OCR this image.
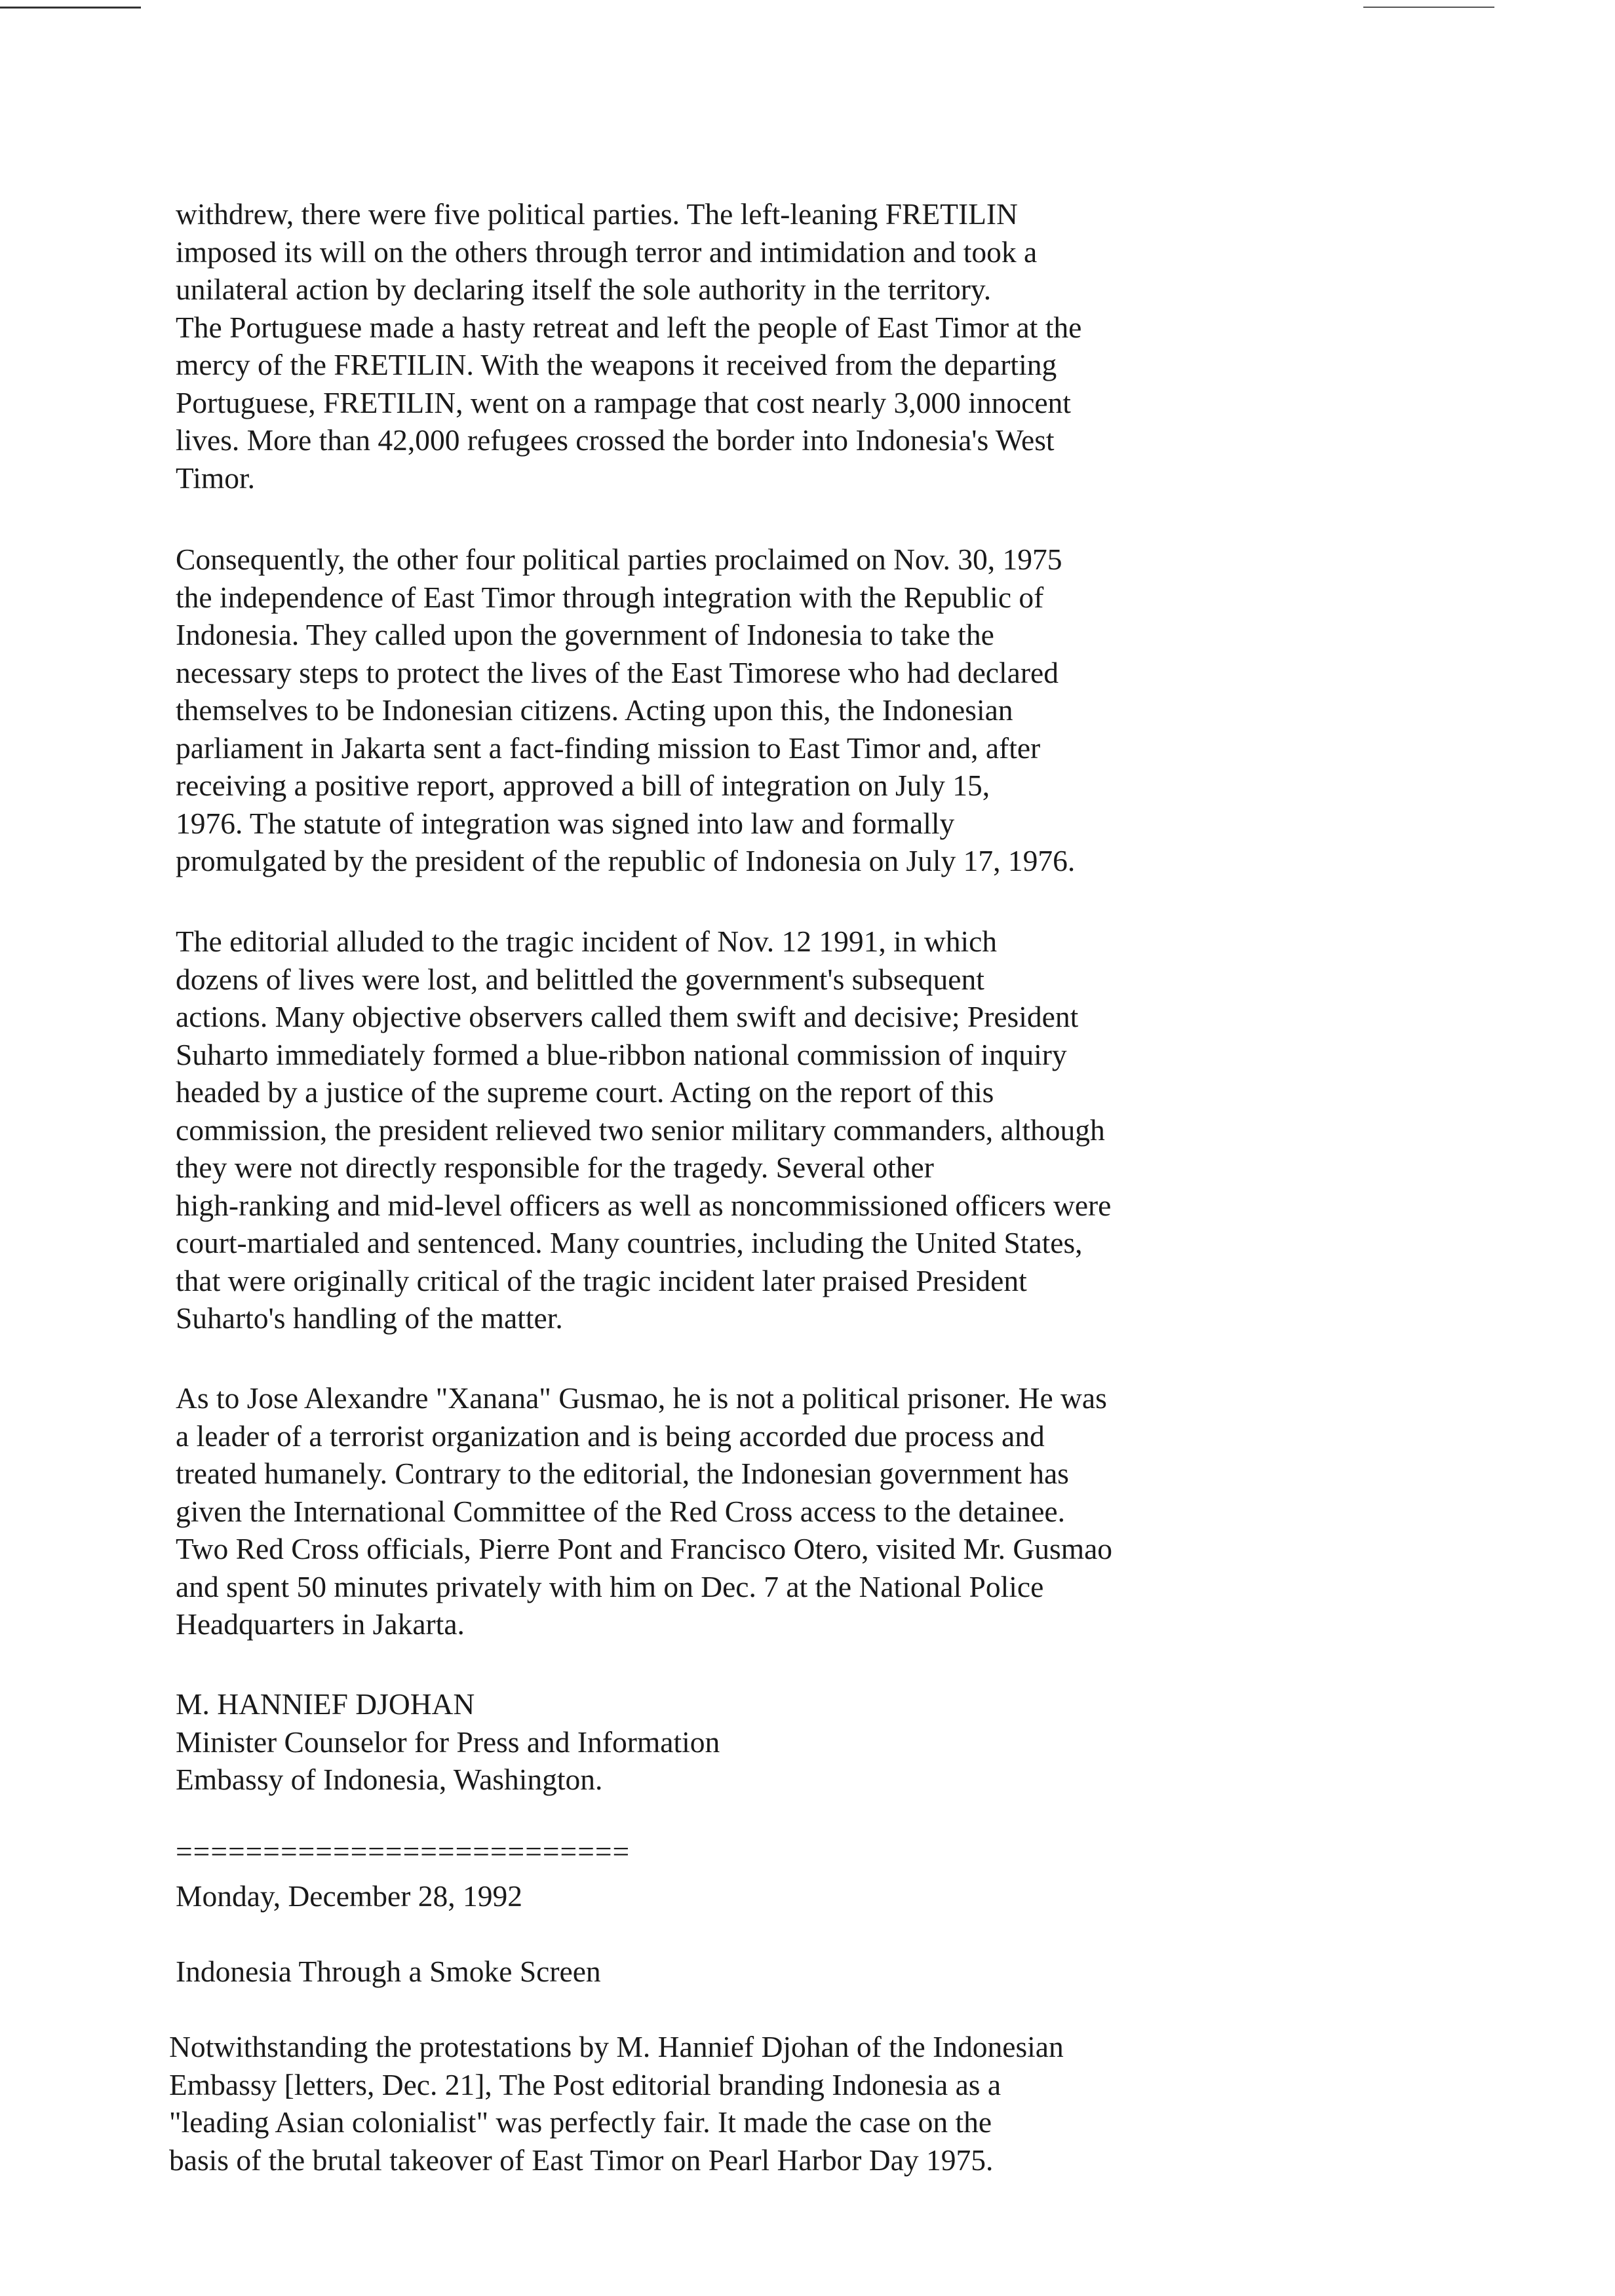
withdrew, there were five political parties. The left-leaning FRETILIN
imposed its will on the others through terror and intimidation and took a
unilateral action by declaring itself the sole authority in the territory.
The Portuguese made a hasty retreat and left the people of East Timor at the
mercy of the FRETILIN. With the weapons it received from the departing
Portuguese, FRETILIN, went on a rampage that cost nearly 3,000 innocent
lives. More than 42,000 refugees crossed the border into Indonesia's West
Timor.
Consequently, the other four political parties proclaimed on Nov. 30, 1975
the independence of East Timor through integration with the Republic of
Indonesia. They called upon the government of Indonesia to take the
necessary steps to protect the lives of the East Timorese who had declared
themselves to be Indonesian citizens. Acting upon this, the Indonesian
parliament in Jakarta sent a fact-finding mission to East Timor and, after
receiving a positive report, approved a bill of integration on July 15,
1976. The statute of integration was signed into law and formally
promulgated by the president of the republic of Indonesia on July 17, 1976.
The editorial alluded to the tragic incident of Nov. 12 1991, in which
dozens of lives were lost, and belittled the government's subsequent
actions. Many objective observers called them swift and decisive; President
Suharto immediately formed a blue-ribbon national commission of inquiry
headed by a justice of the supreme court. Acting on the report of this
commission, the president relieved two senior military commanders, although
they were not directly responsible for the tragedy. Several other
high-ranking and mid-level officers as well as noncommissioned officers were
court-martialed and sentenced. Many countries, including the United States,
that were originally critical of the tragic incident later praised President
Suharto's handling of the matter.
As to Jose Alexandre "Xanana" Gusmao, he is not a political prisoner. He was
a leader of a terrorist organization and is being accorded due process and
treated humanely. Contrary to the editorial, the Indonesian government has
given the International Committee of the Red Cross access to the detainee.
Two Red Cross officials, Pierre Pont and Francisco Otero, visited Mr. Gusmao
and spent 50 minutes privately with him on Dec. 7 at the National Police
Headquarters in Jakarta.
M. HANNIEF DJOHAN
Minister Counselor for Press and Information
Embassy of Indonesia, Washington.
==========================
Monday, December 28, 1992
Indonesia Through a Smoke Screen
Notwithstanding the protestations by M. Hannief Djohan of the Indonesian
Embassy [letters, Dec. 21], The Post editorial branding Indonesia as a
"leading Asian colonialist" was perfectly fair. It made the case on the
basis of the brutal takeover of East Timor on Pearl Harbor Day 1975.
